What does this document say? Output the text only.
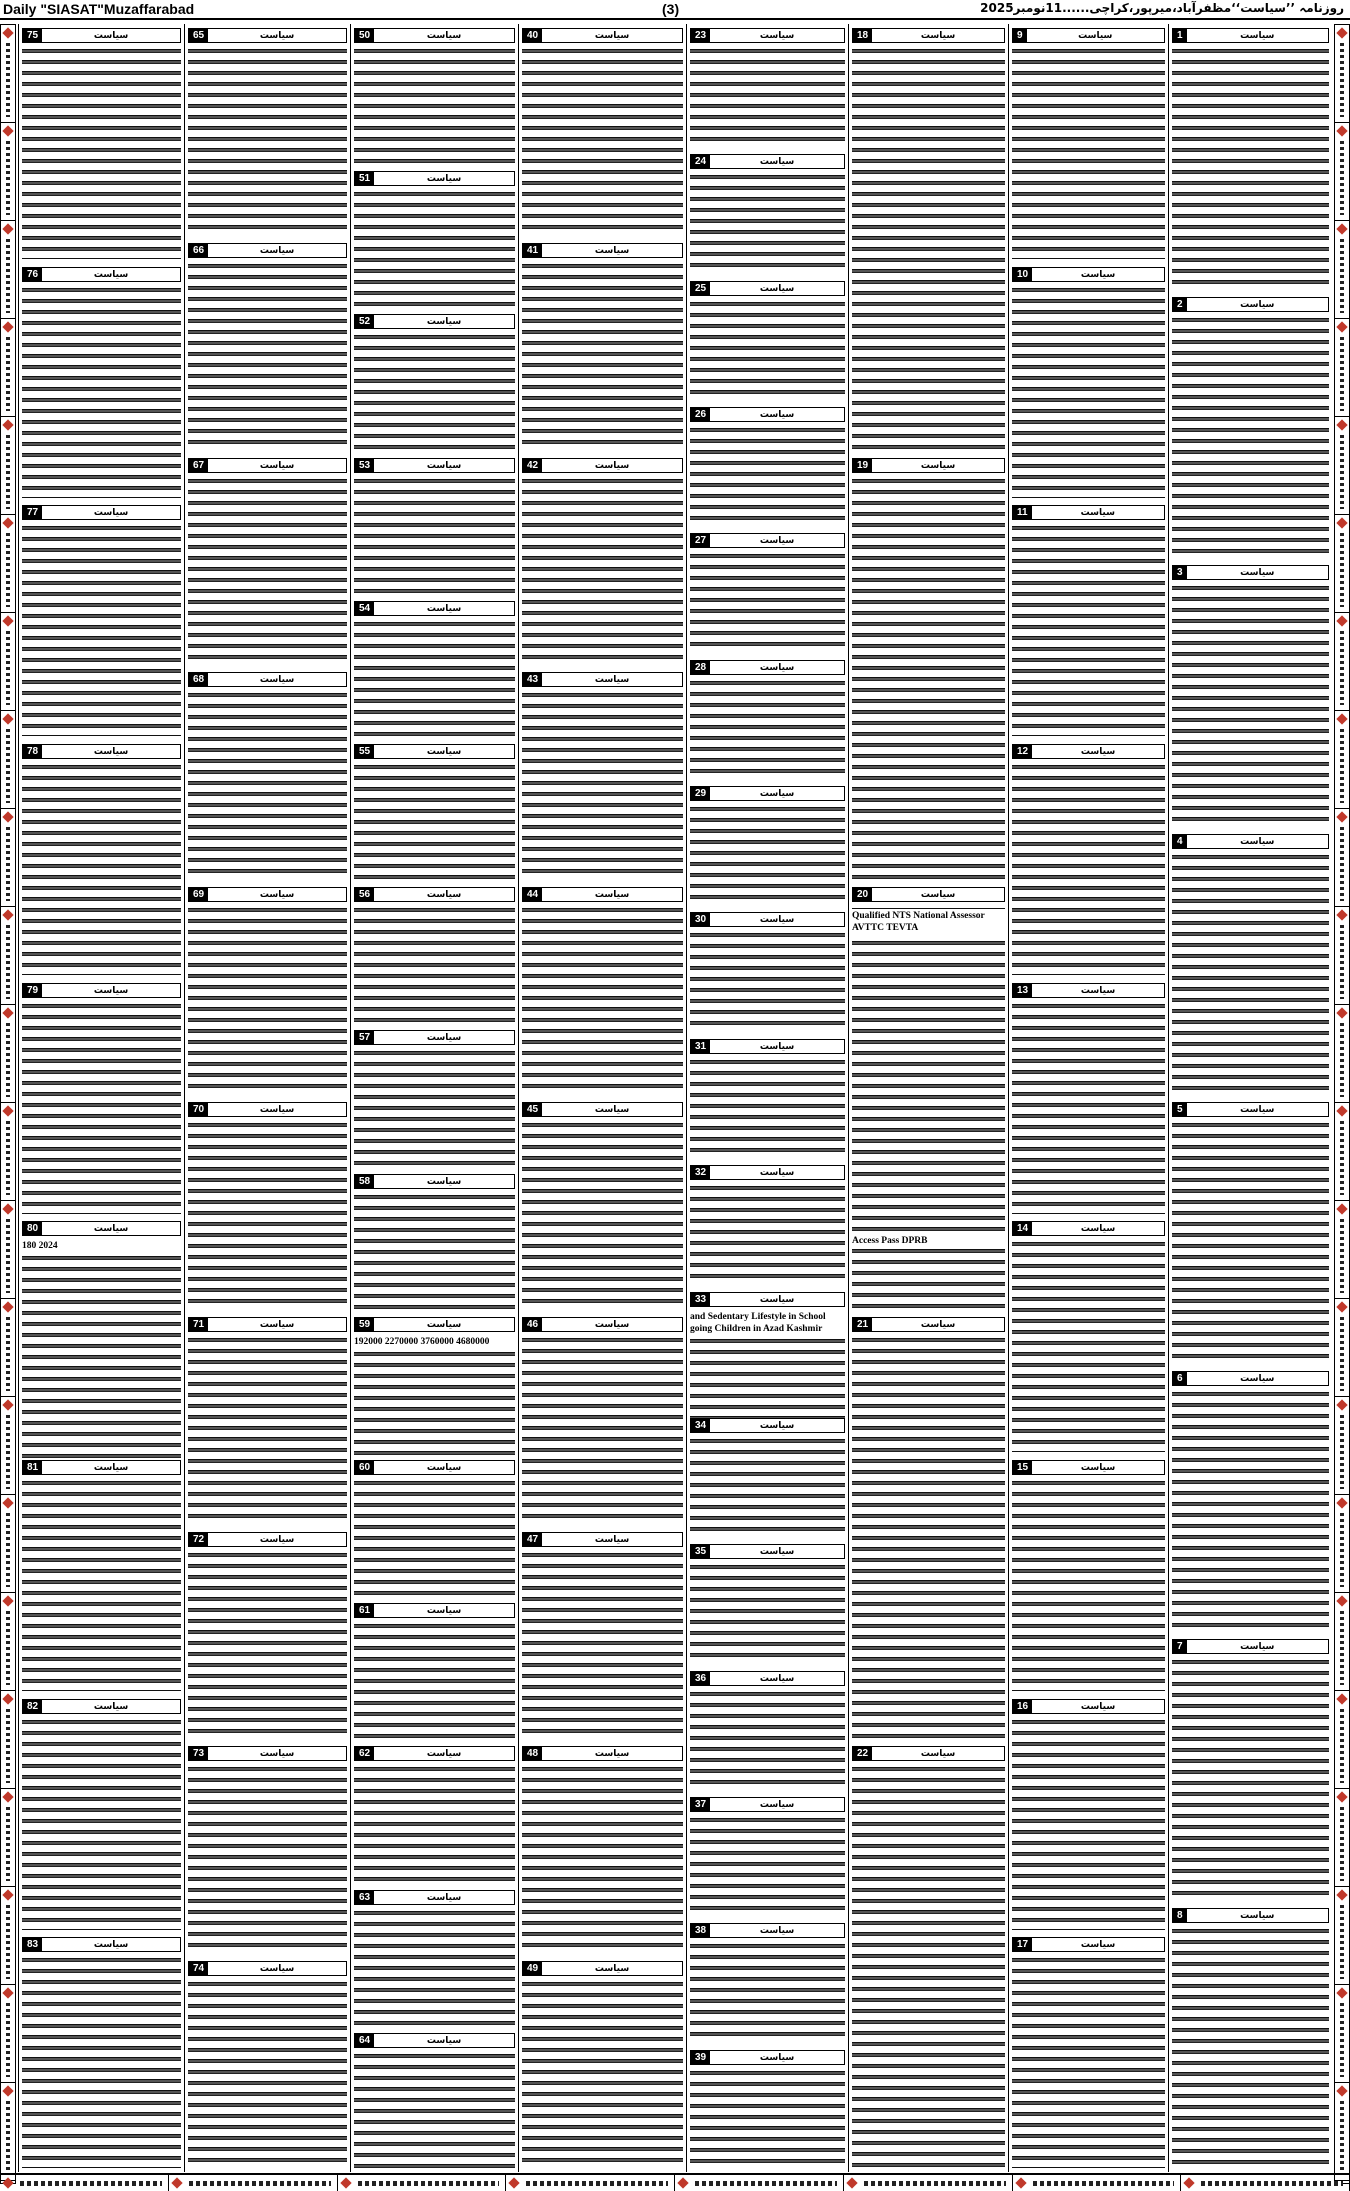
Daily "SIASAT"Muzaffarabad	(3)	روزنامہ ’’سیاست‘‘مظفرآباد،میرپور،کراچی......11نومبر2025
1	سیاست
2	سیاست
3	سیاست
4	سیاست
5	سیاست
6	سیاست
7	سیاست
8	سیاست
9	سیاست
10	سیاست
11	سیاست
12	سیاست
13	سیاست
14	سیاست
15	سیاست
16	سیاست
17	سیاست
18	سیاست
19	سیاست
20	سیاست
21	سیاست
22	سیاست
Qualified NTS National Assessor AVTTC TEVTA
Access Pass DPRB
23	سیاست
24	سیاست
25	سیاست
26	سیاست
27	سیاست
28	سیاست
29	سیاست
30	سیاست
31	سیاست
32	سیاست
33	سیاست
and Sedentary Lifestyle in School going Children in Azad Kashmir
34	سیاست
35	سیاست
36	سیاست
37	سیاست
38	سیاست
39	سیاست
40	سیاست
41	سیاست
42	سیاست
43	سیاست
44	سیاست
45	سیاست
46	سیاست
47	سیاست
48	سیاست
49	سیاست
50	سیاست
51	سیاست
52	سیاست
53	سیاست
54	سیاست
55	سیاست
56	سیاست
57	سیاست
58	سیاست
59	سیاست
192000 2270000 3760000 4680000
60	سیاست
61	سیاست
62	سیاست
63	سیاست
64	سیاست
65	سیاست
66	سیاست
67	سیاست
68	سیاست
69	سیاست
70	سیاست
71	سیاست
72	سیاست
73	سیاست
74	سیاست
75	سیاست
76	سیاست
77	سیاست
78	سیاست
79	سیاست
80	سیاست
180 2024
81	سیاست
82	سیاست
83	سیاست
